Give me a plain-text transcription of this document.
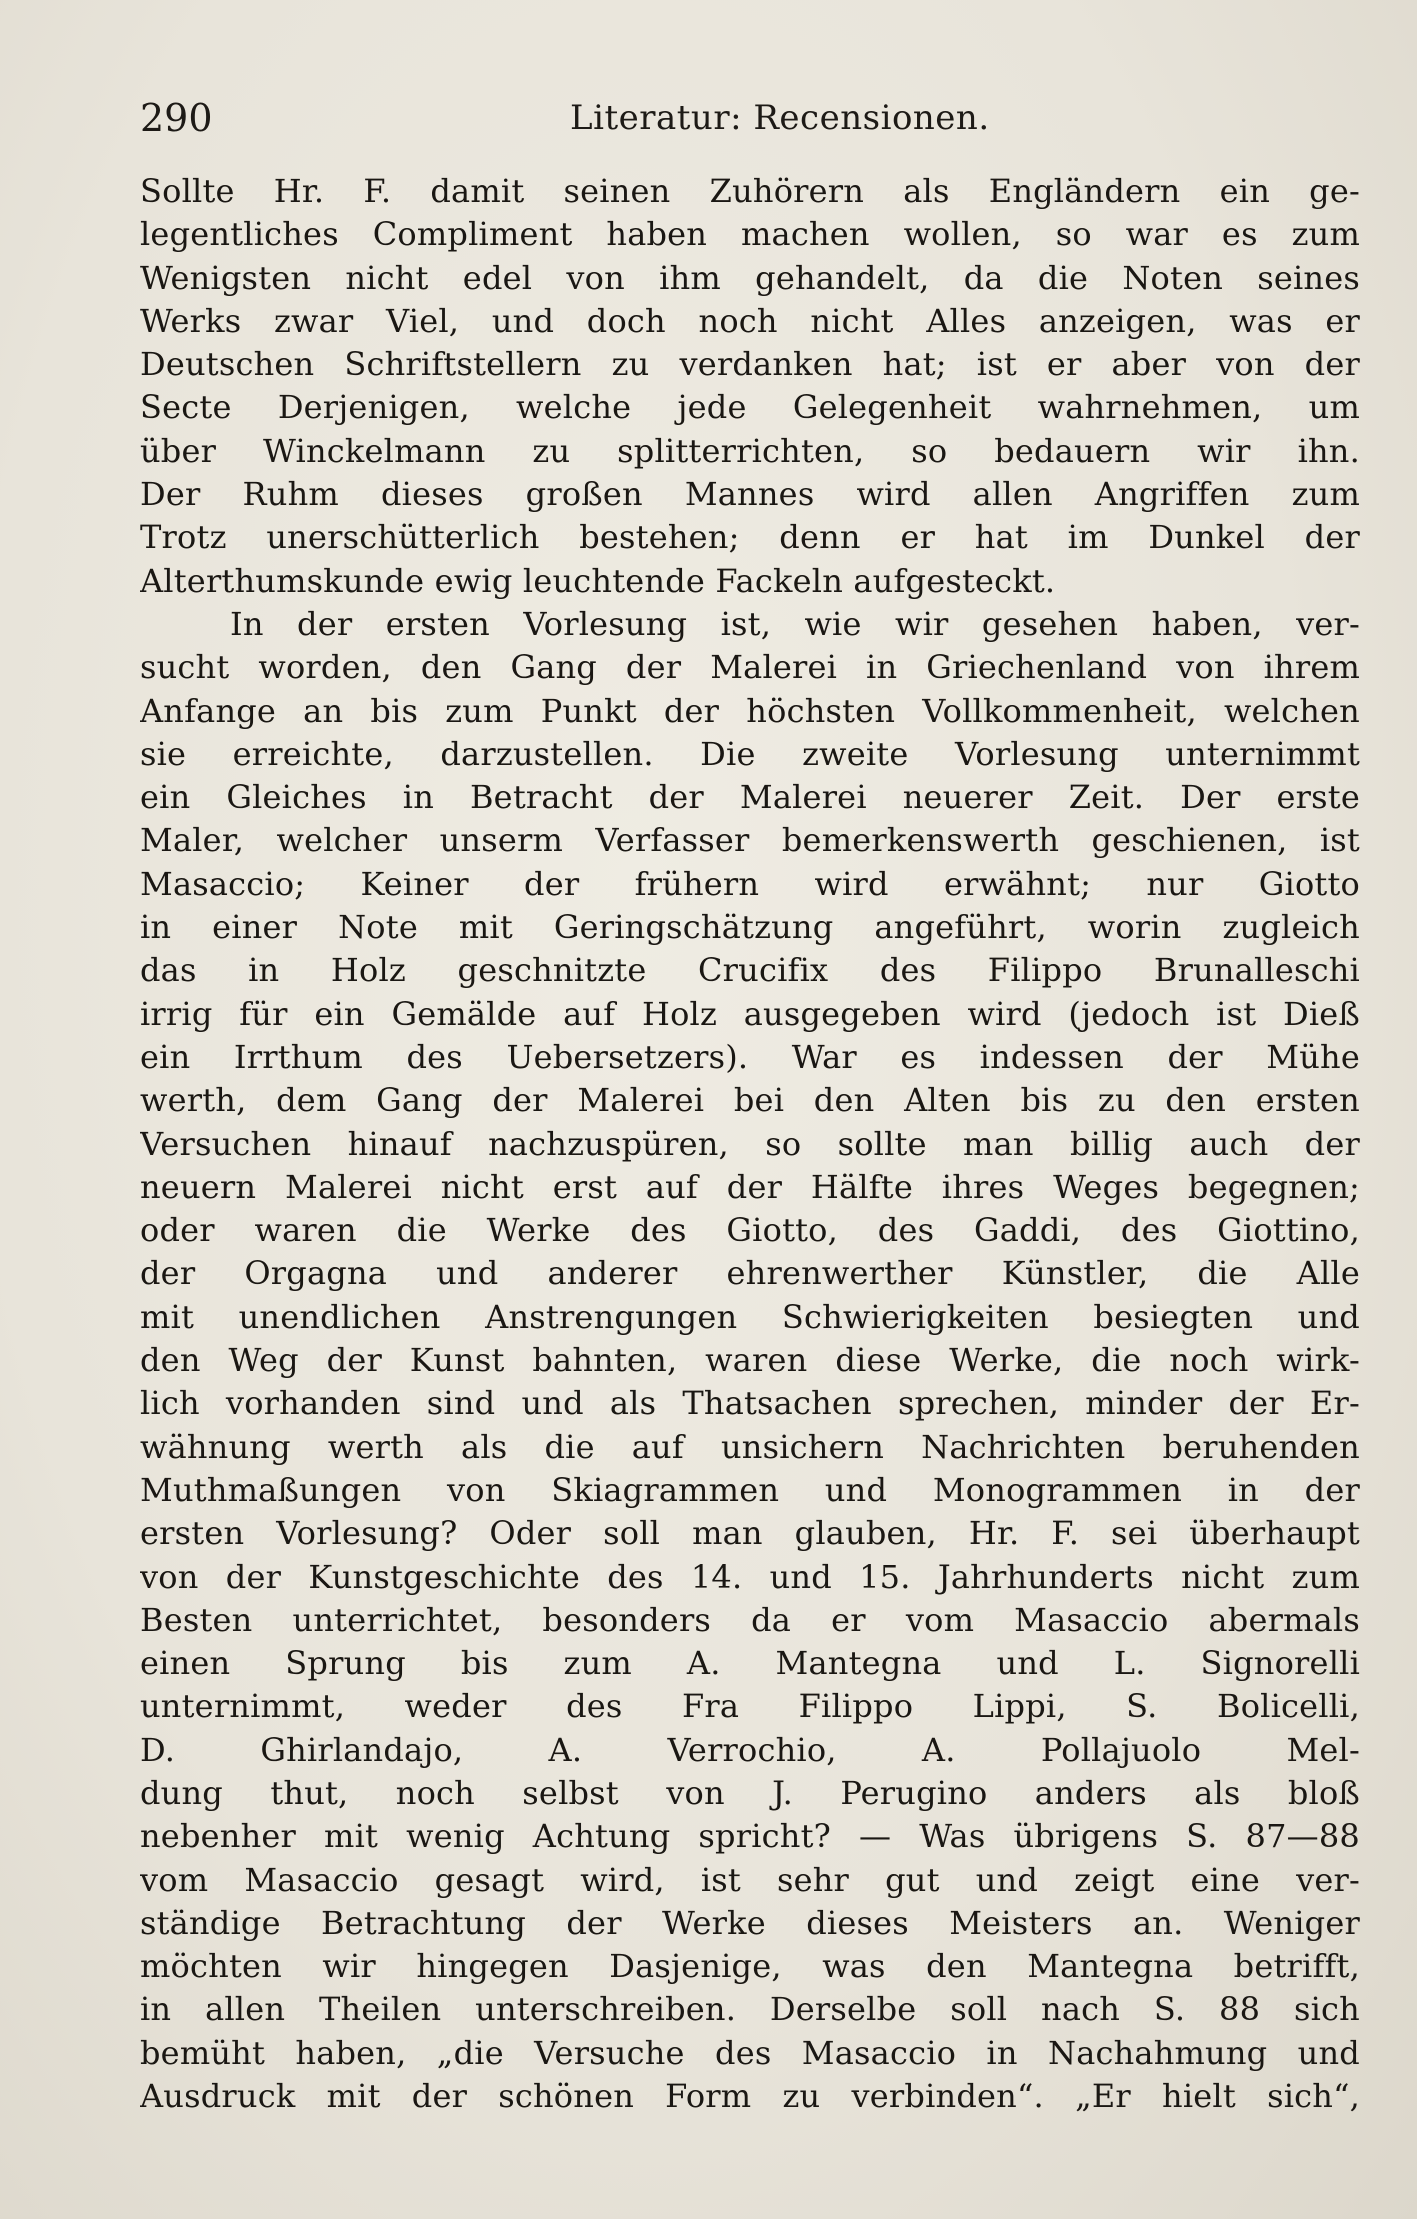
290	Literatur: Recensionen.
Sollte Hr. F. damit seinen Zuhörern als Engländern ein ge-
legentliches Compliment haben machen wollen, so war es zum
Wenigsten nicht edel von ihm gehandelt, da die Noten seines
Werks zwar Viel, und doch noch nicht Alles anzeigen, was er
Deutschen Schriftstellern zu verdanken hat; ist er aber von der
Secte Derjenigen, welche jede Gelegenheit wahrnehmen, um
über Winckelmann zu splitterrichten, so bedauern wir ihn.
Der Ruhm dieses großen Mannes wird allen Angriffen zum
Trotz unerschütterlich bestehen; denn er hat im Dunkel der
Alterthumskunde ewig leuchtende Fackeln aufgesteckt.
In der ersten Vorlesung ist, wie wir gesehen haben, ver-
sucht worden, den Gang der Malerei in Griechenland von ihrem
Anfange an bis zum Punkt der höchsten Vollkommenheit, welchen
sie erreichte, darzustellen. Die zweite Vorlesung unternimmt
ein Gleiches in Betracht der Malerei neuerer Zeit. Der erste
Maler, welcher unserm Verfasser bemerkenswerth geschienen, ist
Masaccio; Keiner der frühern wird erwähnt; nur Giotto
in einer Note mit Geringschätzung angeführt, worin zugleich
das in Holz geschnitzte Crucifix des Filippo Brunalleschi
irrig für ein Gemälde auf Holz ausgegeben wird (jedoch ist Dieß
ein Irrthum des Uebersetzers). War es indessen der Mühe
werth, dem Gang der Malerei bei den Alten bis zu den ersten
Versuchen hinauf nachzuspüren, so sollte man billig auch der
neuern Malerei nicht erst auf der Hälfte ihres Weges begegnen;
oder waren die Werke des Giotto, des Gaddi, des Giottino,
der Orgagna und anderer ehrenwerther Künstler, die Alle
mit unendlichen Anstrengungen Schwierigkeiten besiegten und
den Weg der Kunst bahnten, waren diese Werke, die noch wirk-
lich vorhanden sind und als Thatsachen sprechen, minder der Er-
wähnung werth als die auf unsichern Nachrichten beruhenden
Muthmaßungen von Skiagrammen und Monogrammen in der
ersten Vorlesung? Oder soll man glauben, Hr. F. sei überhaupt
von der Kunstgeschichte des 14. und 15. Jahrhunderts nicht zum
Besten unterrichtet, besonders da er vom Masaccio abermals
einen Sprung bis zum A. Mantegna und L. Signorelli
unternimmt, weder des Fra Filippo Lippi, S. Bolicelli,
D. Ghirlandajo, A. Verrochio, A. Pollajuolo Mel-
dung thut, noch selbst von J. Perugino anders als bloß
nebenher mit wenig Achtung spricht? — Was übrigens S. 87—88
vom Masaccio gesagt wird, ist sehr gut und zeigt eine ver-
ständige Betrachtung der Werke dieses Meisters an. Weniger
möchten wir hingegen Dasjenige, was den Mantegna betrifft,
in allen Theilen unterschreiben. Derselbe soll nach S. 88 sich
bemüht haben, „die Versuche des Masaccio in Nachahmung und
Ausdruck mit der schönen Form zu verbinden“. „Er hielt sich“,
